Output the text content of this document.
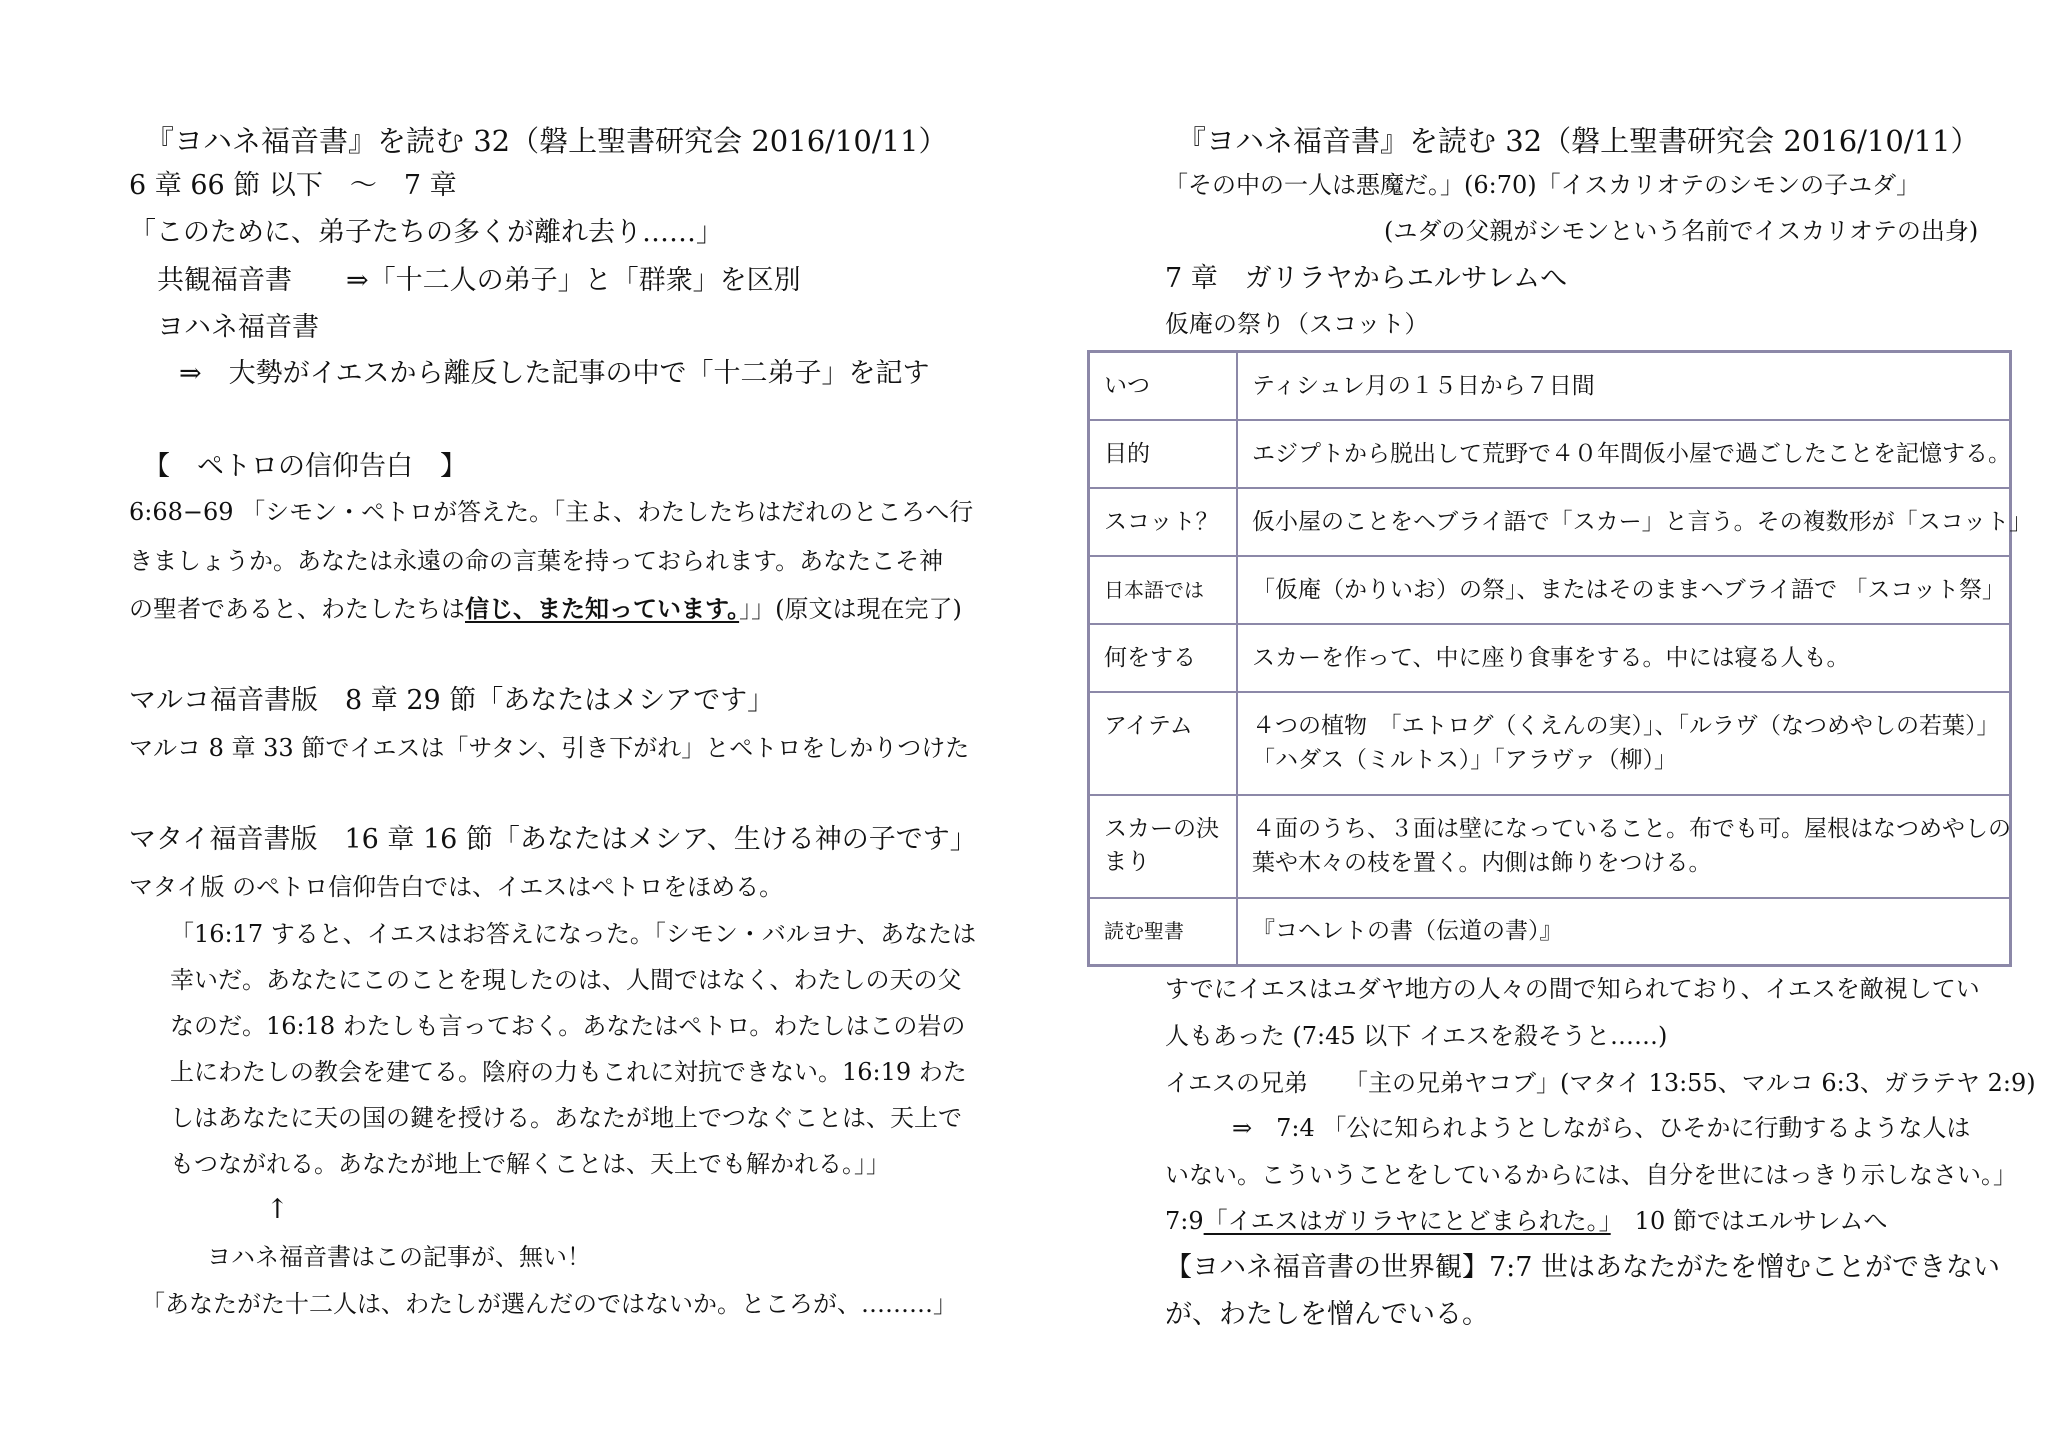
『ヨハネ福音書』を読む 32（磐上聖書研究会 2016/10/11）
6 章 66 節 以下　～　7 章
「このために、弟子たちの多くが離れ去り……」
共観福音書　　⇒「十二人の弟子」と「群衆」を区別
ヨハネ福音書
⇒　大勢がイエスから離反した記事の中で「十二弟子」を記す
【　ペトロの信仰告白　】
6:68−69 「シモン・ペトロが答えた。「主よ、わたしたちはだれのところへ行
きましょうか。あなたは永遠の命の言葉を持っておられます。あなたこそ神
の聖者であると、わたしたちは信じ、また知っています。」」(原文は現在完了)
マルコ福音書版　8 章 29 節「あなたはメシアです」
マルコ 8 章 33 節でイエスは「サタン、引き下がれ」とペトロをしかりつけた
マタイ福音書版　16 章 16 節「あなたはメシア、生ける神の子です」
マタイ版 のペトロ信仰告白では、イエスはペトロをほめる。
「16:17 すると、イエスはお答えになった。「シモン・バルヨナ、あなたは
幸いだ。あなたにこのことを現したのは、人間ではなく、わたしの天の父
なのだ。16:18 わたしも言っておく。あなたはペトロ。わたしはこの岩の
上にわたしの教会を建てる。陰府の力もこれに対抗できない。16:19 わた
しはあなたに天の国の鍵を授ける。あなたが地上でつなぐことは、天上で
もつながれる。あなたが地上で解くことは、天上でも解かれる。」」
↑
ヨハネ福音書はこの記事が、無い！
「あなたがた十二人は、わたしが選んだのではないか。ところが、………」
『ヨハネ福音書』を読む 32（磐上聖書研究会 2016/10/11）
「その中の一人は悪魔だ。」(6:70)「イスカリオテのシモンの子ユダ」
(ユダの父親がシモンという名前でイスカリオテの出身)
7 章　ガリラヤからエルサレムへ
仮庵の祭り（スコット）
いつ	ティシュレ月の１５日から７日間
目的	エジプトから脱出して荒野で４０年間仮小屋で過ごしたことを記憶する。
スコット？	仮小屋のことをヘブライ語で「スカー」と言う。その複数形が「スコット」
日本語では	「仮庵（かりいお）の祭」、またはそのままヘブライ語で 「スコット祭」
何をする	スカーを作って、中に座り食事をする。中には寝る人も。
アイテム	４つの植物　「エトログ（くえんの実）」、「ルラヴ（なつめやしの若葉）」
「ハダス（ミルトス）」「アラヴァ（柳）」

スカーの決まり	４面のうち、３面は壁になっていること。布でも可。屋根はなつめやしの
葉や木々の枝を置く。内側は飾りをつける。

読む聖書	『コヘレトの書（伝道の書）』
すでにイエスはユダヤ地方の人々の間で知られており、イエスを敵視してい
人もあった (7:45 以下 イエスを殺そうと……)
イエスの兄弟　　「主の兄弟ヤコブ」(マタイ 13:55、マルコ 6:3、ガラテヤ 2:9)
⇒　7:4 「公に知られようとしながら、ひそかに行動するような人は
いない。こういうことをしているからには、自分を世にはっきり示しなさい。」
7:9「イエスはガリラヤにとどまられた。」　10 節ではエルサレムへ
【ヨハネ福音書の世界観】7:7 世はあなたがたを憎むことができない
が、わたしを憎んでいる。
